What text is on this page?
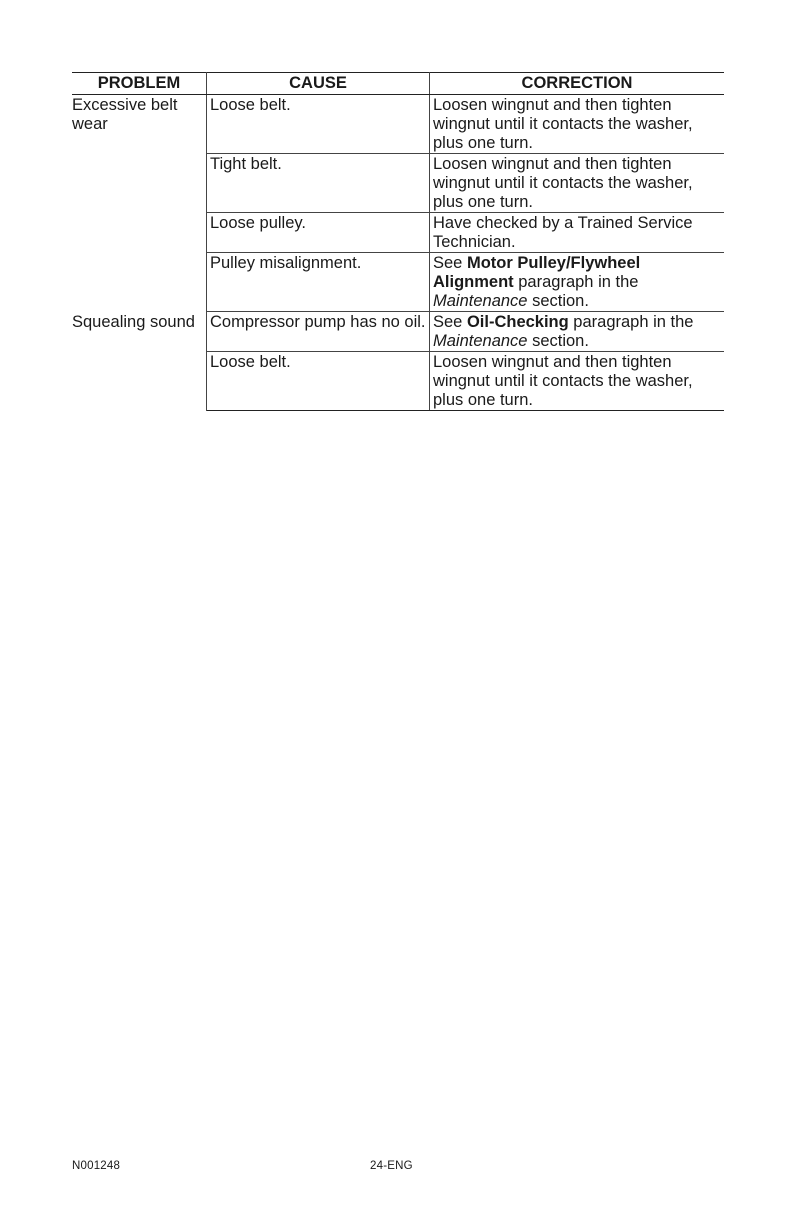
PROBLEM	CAUSE	CORRECTION
Excessive belt wear	Loose belt.	Loosen wingnut and then tighten
wingnut until it contacts the washer,
plus one turn.
	Tight belt.	Loosen wingnut and then tighten
wingnut until it contacts the washer,
plus one turn.
	Loose pulley.	Have checked by a Trained Service Technician.
	Pulley misalignment.	See Motor Pulley/Flywheel Alignment paragraph in the Maintenance section.
Squealing sound	Compressor pump has no oil.	See Oil-Checking paragraph in the Maintenance section.
	Loose belt.	Loosen wingnut and then tighten
wingnut until it contacts the washer,
plus one turn.
N001248	24-ENG
